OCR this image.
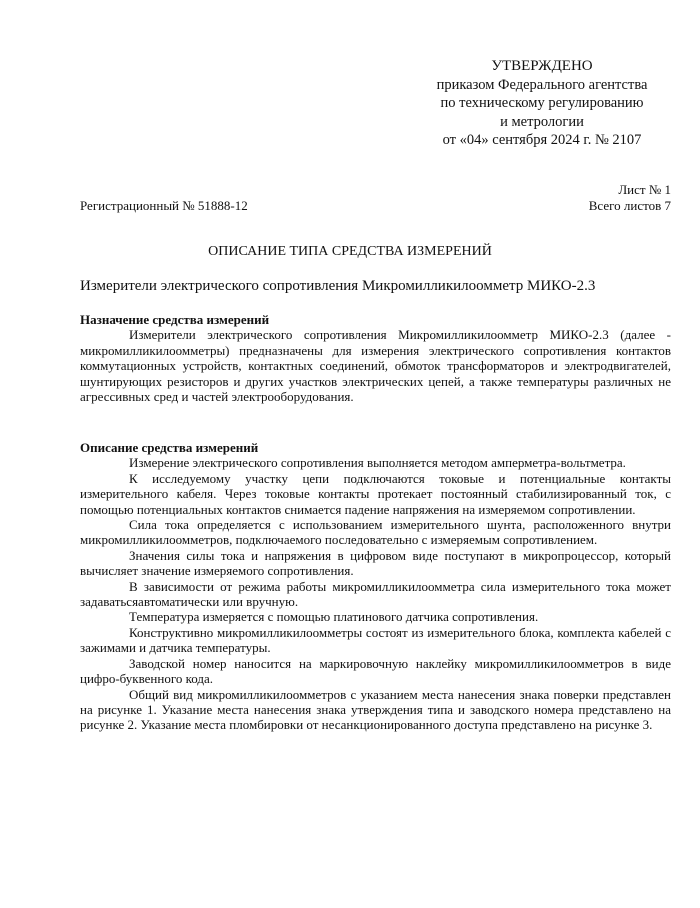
УТВЕРЖДЕНО
приказом Федерального агентства
по техническому регулированию
и метрологии
от «04» сентября 2024 г. № 2107
Лист № 1
Регистрационный № 51888-12	Всего листов 7
ОПИСАНИЕ ТИПА СРЕДСТВА ИЗМЕРЕНИЙ
Измерители электрического сопротивления Микромилликилоомметр МИКО-2.3

Назначение средства измерений

Измерители электрического сопротивления Микромилликилоомметр МИКО-2.3 (далее - микромилликилоомметры) предназначены для измерения электрического сопротивления контактов коммутационных устройств, контактных соединений, обмоток трансформаторов и электродвигателей, шунтирующих резисторов и других участков электрических цепей, а также температуры различных не агрессивных сред и частей электрооборудования.

Описание средства измерений

Измерение электрического сопротивления выполняется методом амперметра-вольтметра.

К исследуемому участку цепи подключаются токовые и потенциальные контакты измерительного кабеля. Через токовые контакты протекает постоянный стабилизированный ток, с помощью потенциальных контактов снимается падение напряжения на измеряемом сопротивлении.

Сила тока определяется с использованием измерительного шунта, расположенного внутри микромилликилоомметров, подключаемого последовательно с измеряемым сопротивлением.

Значения силы тока и напряжения в цифровом виде поступают в микропроцессор, который вычисляет значение измеряемого сопротивления.

В зависимости от режима работы микромилликилоомметра сила измерительного тока может задаватьсяавтоматически или вручную.

Температура измеряется с помощью платинового датчика сопротивления.

Конструктивно микромилликилоомметры состоят из измерительного блока, комплекта кабелей с зажимами и датчика температуры.

Заводской номер наносится на маркировочную наклейку микромилликилоомметров в виде цифро-буквенного кода.

Общий вид микромилликилоомметров с указанием места нанесения знака поверки представлен на рисунке 1. Указание места нанесения знака утверждения типа и заводского номера представлено на рисунке 2. Указание места пломбировки от несанкционированного доступа представлено на рисунке 3.
